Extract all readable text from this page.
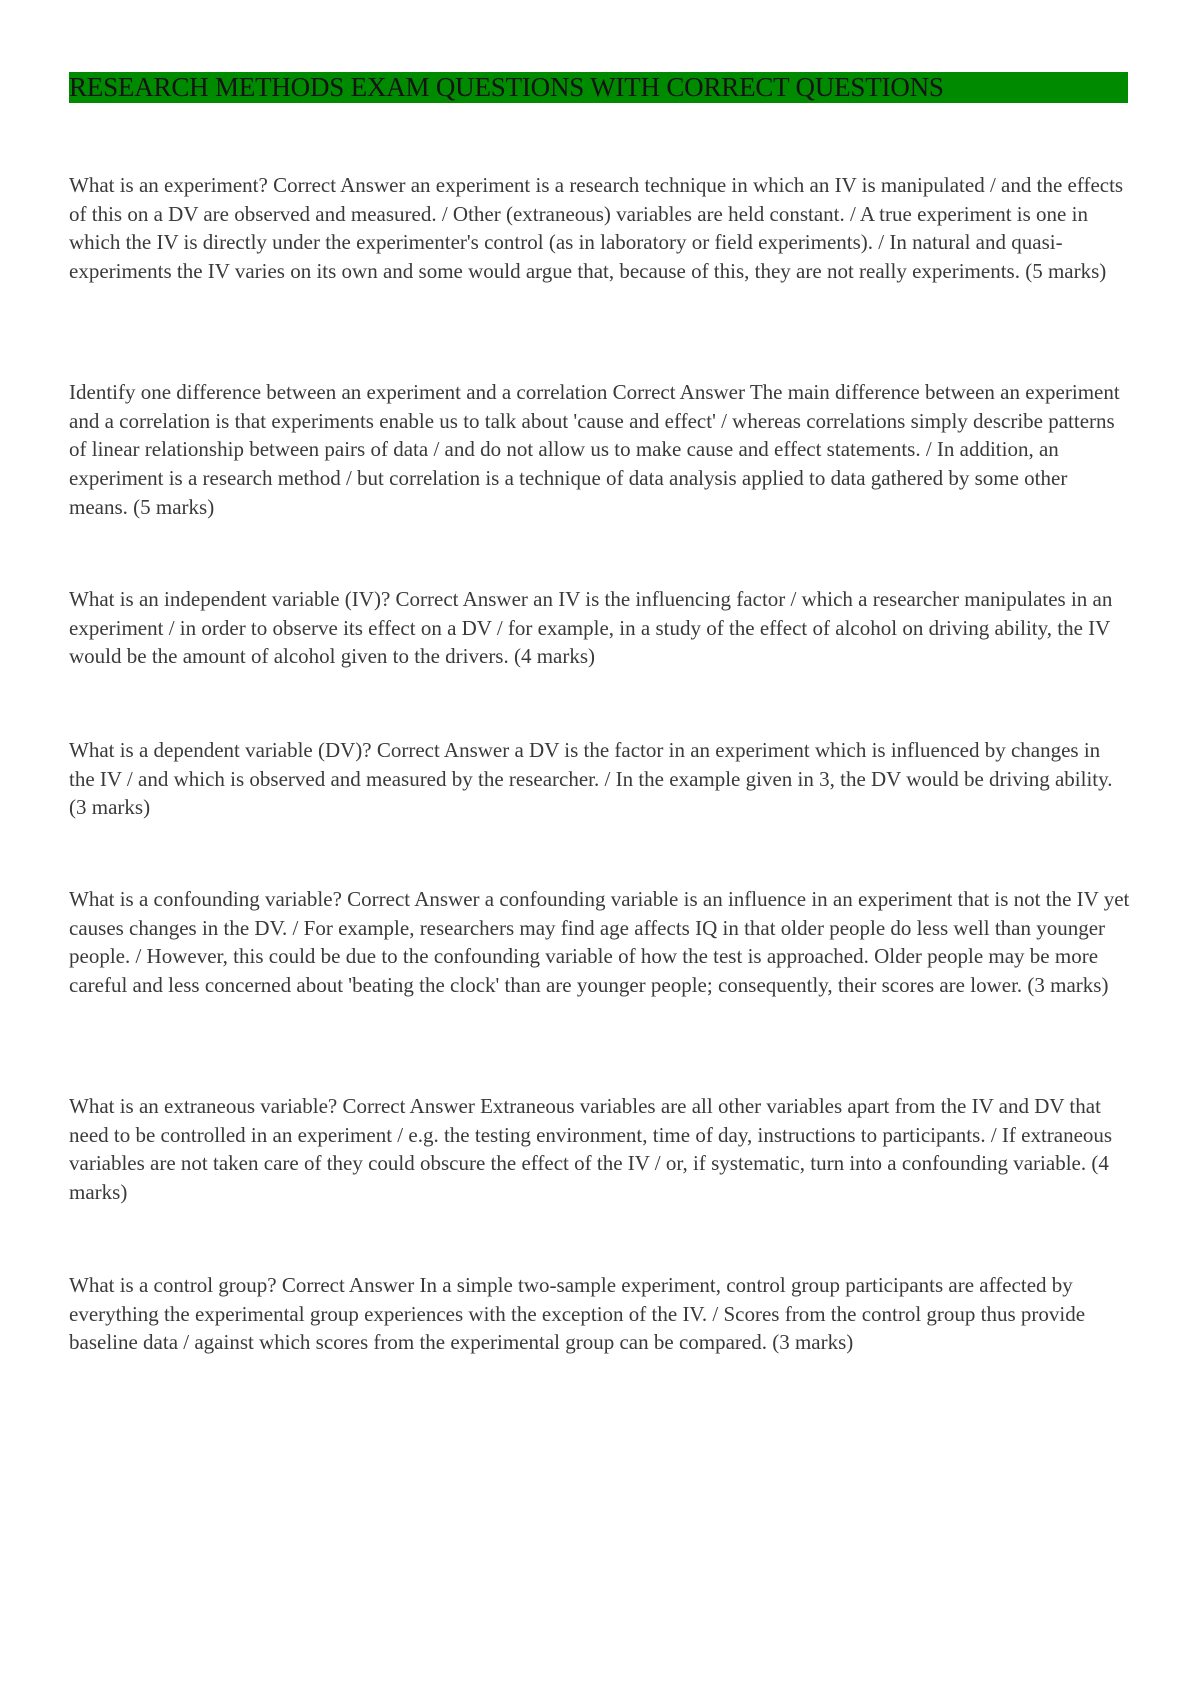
RESEARCH METHODS EXAM QUESTIONS WITH CORRECT QUESTIONS

What is an experiment? Correct Answer an experiment is a research technique in which an IV is manipulated / and the effects of this on a DV are observed and measured. / Other (extraneous) variables are held constant. / A true experiment is one in which the IV is directly under the experimenter's control (as in laboratory or field experiments). / In natural and quasi-experiments the IV varies on its own and some would argue that, because of this, they are not really experiments. (5 marks)

Identify one difference between an experiment and a correlation Correct Answer The main difference between an experiment and a correlation is that experiments enable us to talk about 'cause and effect' / whereas correlations simply describe patterns of linear relationship between pairs of data / and do not allow us to make cause and effect statements. / In addition, an experiment is a research method / but correlation is a technique of data analysis applied to data gathered by some other means. (5 marks)

What is an independent variable (IV)? Correct Answer an IV is the influencing factor / which a researcher manipulates in an experiment / in order to observe its effect on a DV / for example, in a study of the effect of alcohol on driving ability, the IV would be the amount of alcohol given to the drivers. (4 marks)

What is a dependent variable (DV)? Correct Answer a DV is the factor in an experiment which is influenced by changes in the IV / and which is observed and measured by the researcher. / In the example given in 3, the DV would be driving ability. (3 marks)

What is a confounding variable? Correct Answer a confounding variable is an influence in an experiment that is not the IV yet causes changes in the DV. / For example, researchers may find age affects IQ in that older people do less well than younger people. / However, this could be due to the confounding variable of how the test is approached. Older people may be more careful and less concerned about 'beating the clock' than are younger people; consequently, their scores are lower. (3 marks)

What is an extraneous variable? Correct Answer Extraneous variables are all other variables apart from the IV and DV that need to be controlled in an experiment / e.g. the testing environment, time of day, instructions to participants. / If extraneous variables are not taken care of they could obscure the effect of the IV / or, if systematic, turn into a confounding variable. (4 marks)

What is a control group? Correct Answer In a simple two-sample experiment, control group participants are affected by everything the experimental group experiences with the exception of the IV. / Scores from the control group thus provide baseline data / against which scores from the experimental group can be compared. (3 marks)
